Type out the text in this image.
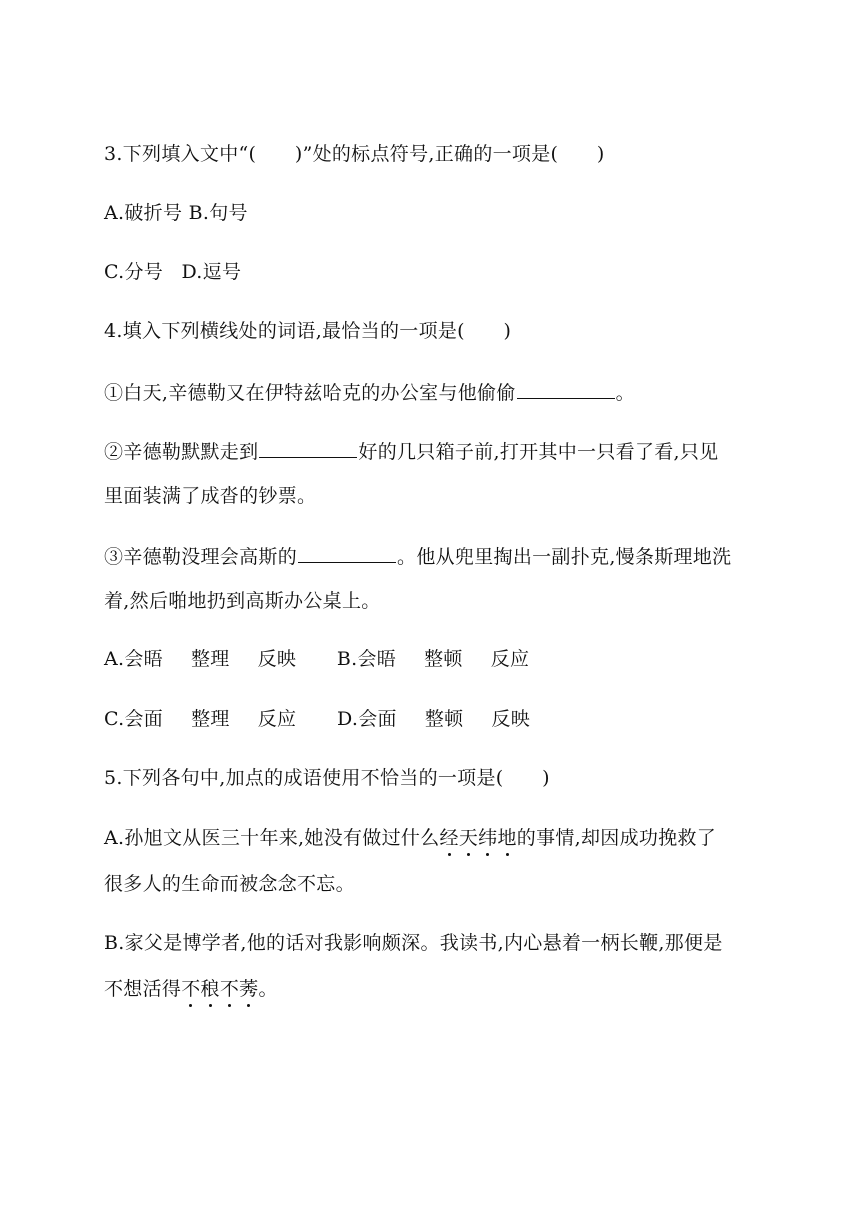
3.下列填入文中“(　　)”处的标点符号,正确的一项是(　　)
A.破折号 B.句号
C.分号 D.逗号
4.填入下列横线处的词语,最恰当的一项是(　　)
①白天,辛德勒又在伊特兹哈克的办公室与他偷偷	。
②辛德勒默默走到	好的几只箱子前,打开其中一只看了看,只见
里面装满了成沓的钞票。
③辛德勒没理会高斯的	。他从兜里掏出一副扑克,慢条斯理地洗
着,然后啪地扔到高斯办公桌上。
A.会晤 整理 反映 B.会晤 整顿 反应
C.会面 整理 反应 D.会面 整顿 反映
5.下列各句中,加点的成语使用不恰当的一项是(　　)
A.孙旭文从医三十年来,她没有做过什么经天纬地的事情,却因成功挽救了
很多人的生命而被念念不忘。
B.家父是博学者,他的话对我影响颇深。我读书,内心悬着一柄长鞭,那便是
不想活得不稂不莠。
